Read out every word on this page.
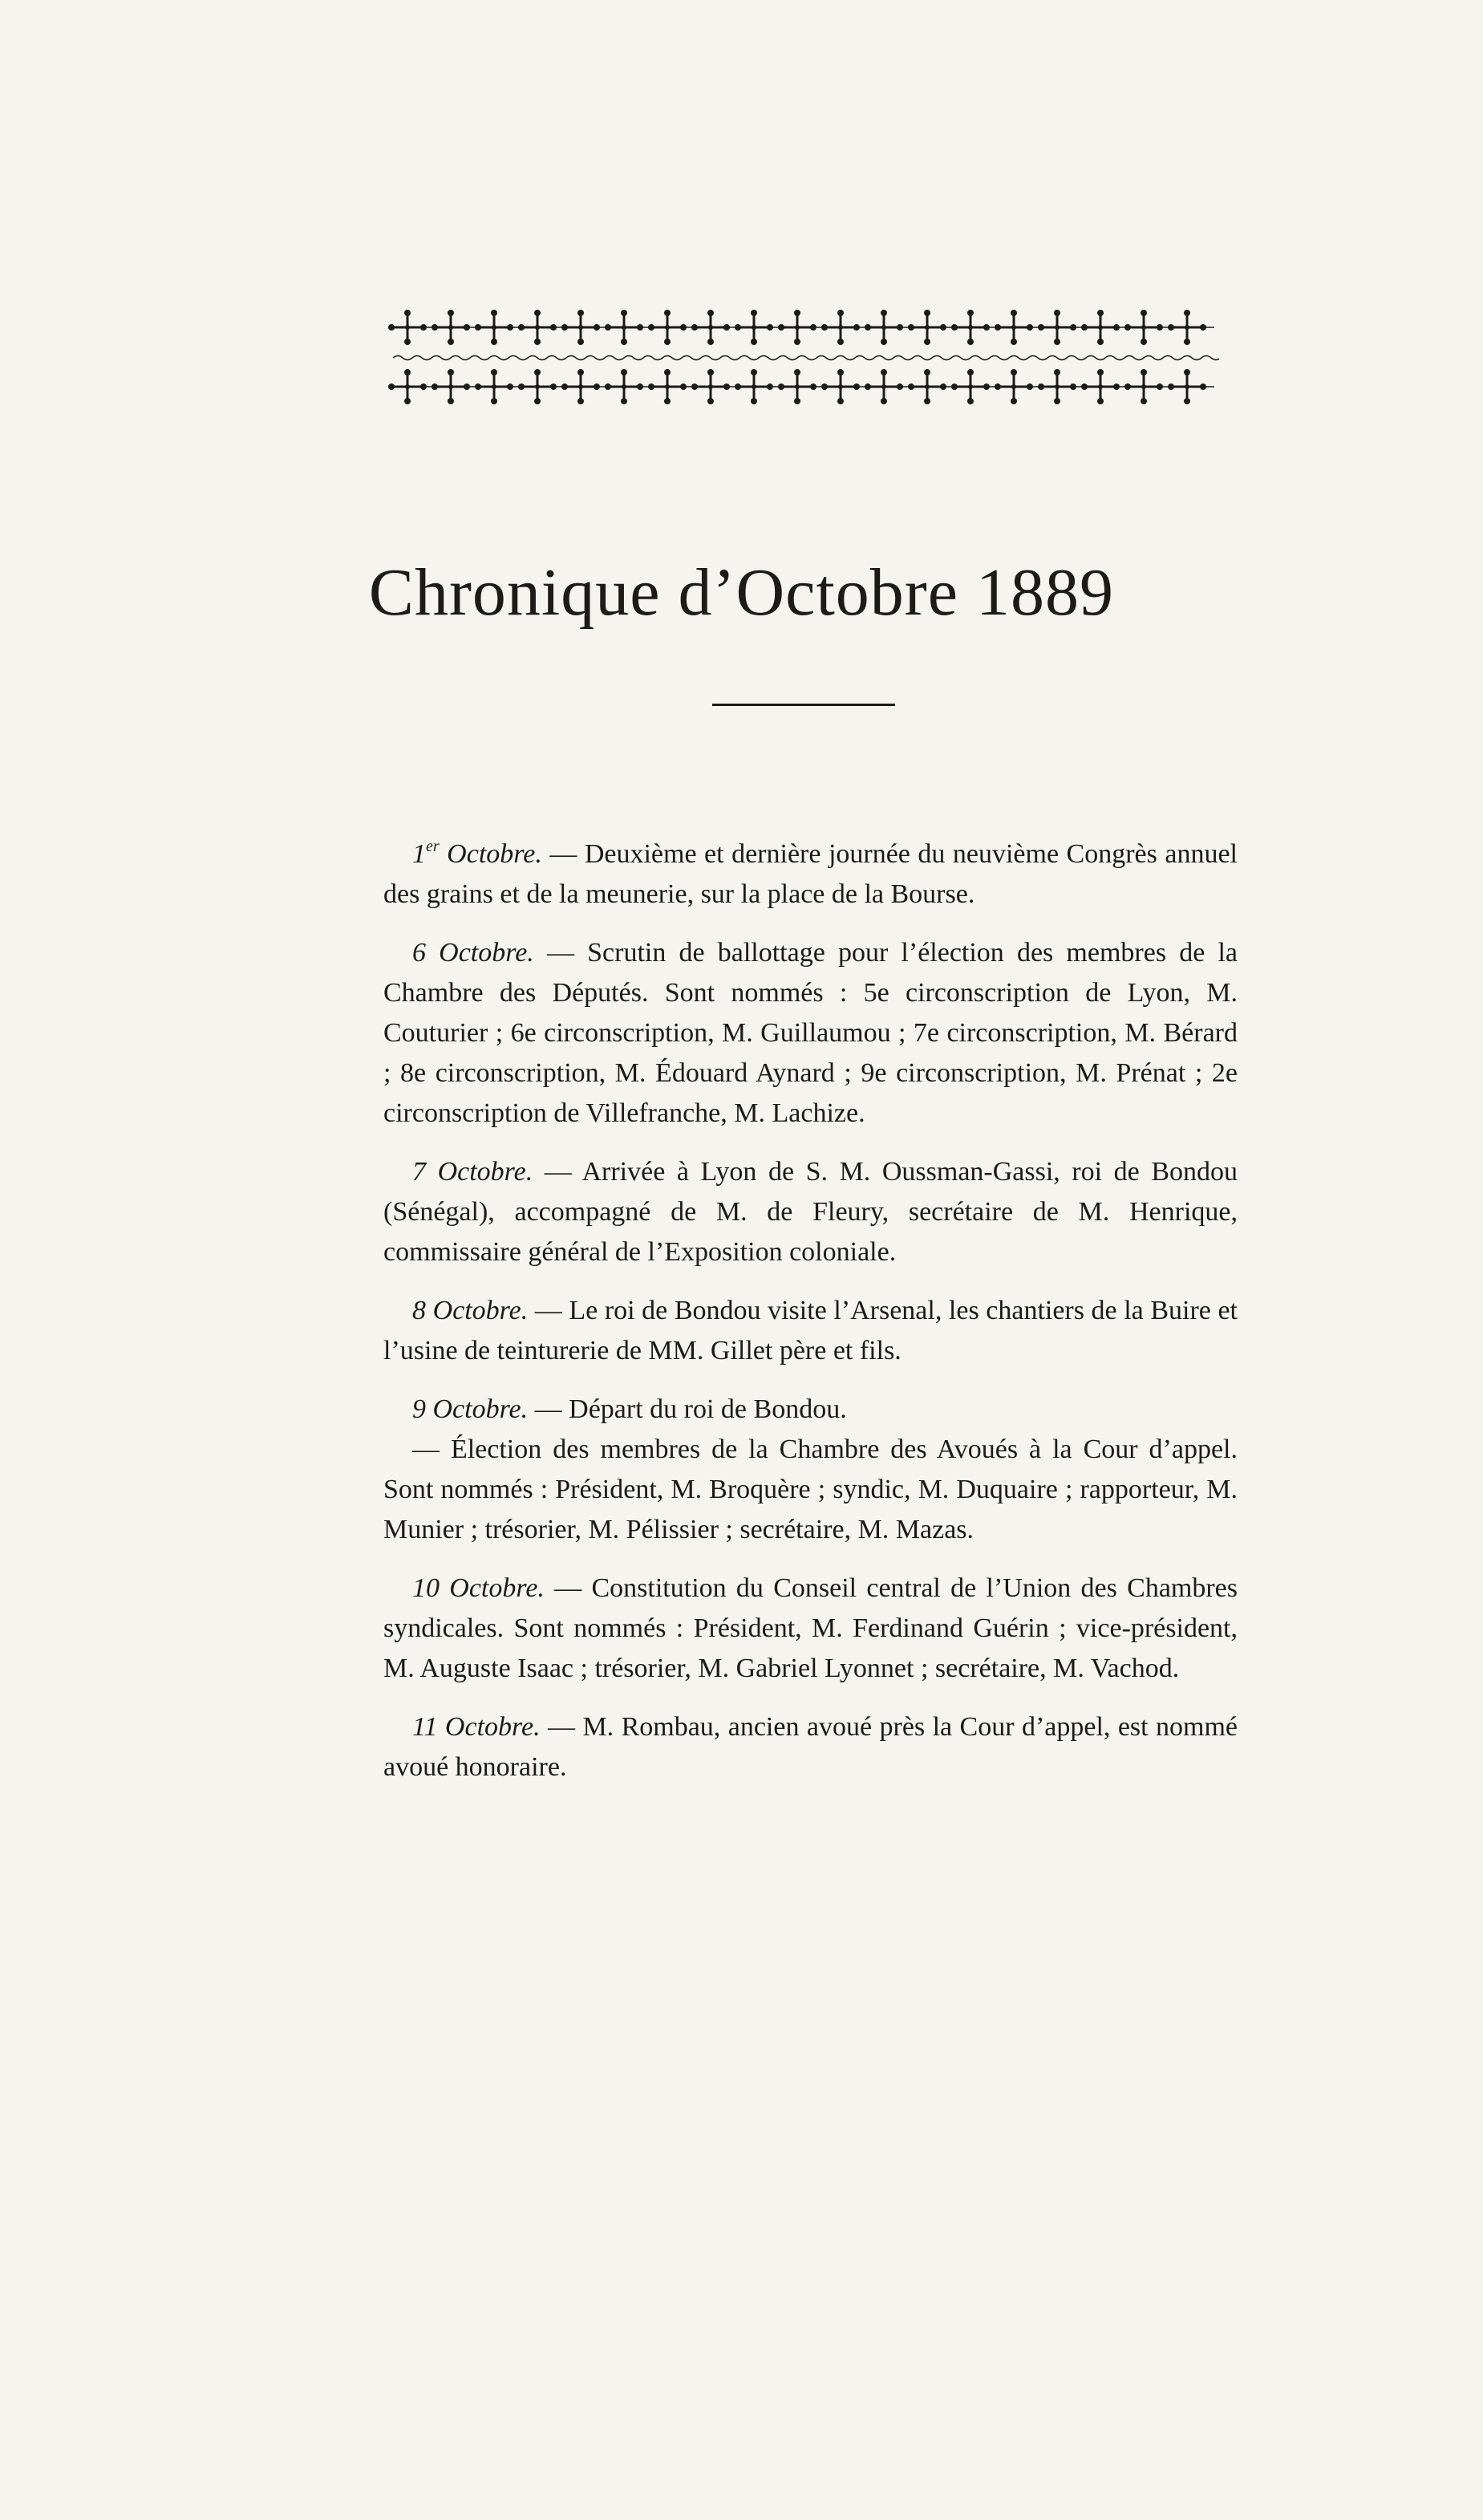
Chronique d’Octobre 1889

1er Octobre. — Deuxième et dernière journée du neuvième Congrès annuel des grains et de la meunerie, sur la place de la Bourse.

6 Octobre. — Scrutin de ballottage pour l’élection des membres de la Chambre des Députés. Sont nommés : 5e circonscription de Lyon, M. Couturier ; 6e circonscription, M. Guillaumou ; 7e circonscription, M. Bérard ; 8e circonscription, M. Édouard Aynard ; 9e circonscription, M. Prénat ; 2e circonscription de Villefranche, M. Lachize.

7 Octobre. — Arrivée à Lyon de S. M. Oussman-Gassi, roi de Bondou (Sénégal), accompagné de M. de Fleury, secrétaire de M. Henrique, commissaire général de l’Exposition coloniale.

8 Octobre. — Le roi de Bondou visite l’Arsenal, les chantiers de la Buire et l’usine de teinturerie de MM. Gillet père et fils.

9 Octobre. — Départ du roi de Bondou.
— Élection des membres de la Chambre des Avoués à la Cour d’appel. Sont nommés : Président, M. Broquère ; syndic, M. Duquaire ; rapporteur, M. Munier ; trésorier, M. Pélissier ; secrétaire, M. Mazas.

10 Octobre. — Constitution du Conseil central de l’Union des Chambres syndicales. Sont nommés : Président, M. Ferdinand Guérin ; vice-président, M. Auguste Isaac ; trésorier, M. Gabriel Lyonnet ; secrétaire, M. Vachod.

11 Octobre. — M. Rombau, ancien avoué près la Cour d’appel, est nommé avoué honoraire.
